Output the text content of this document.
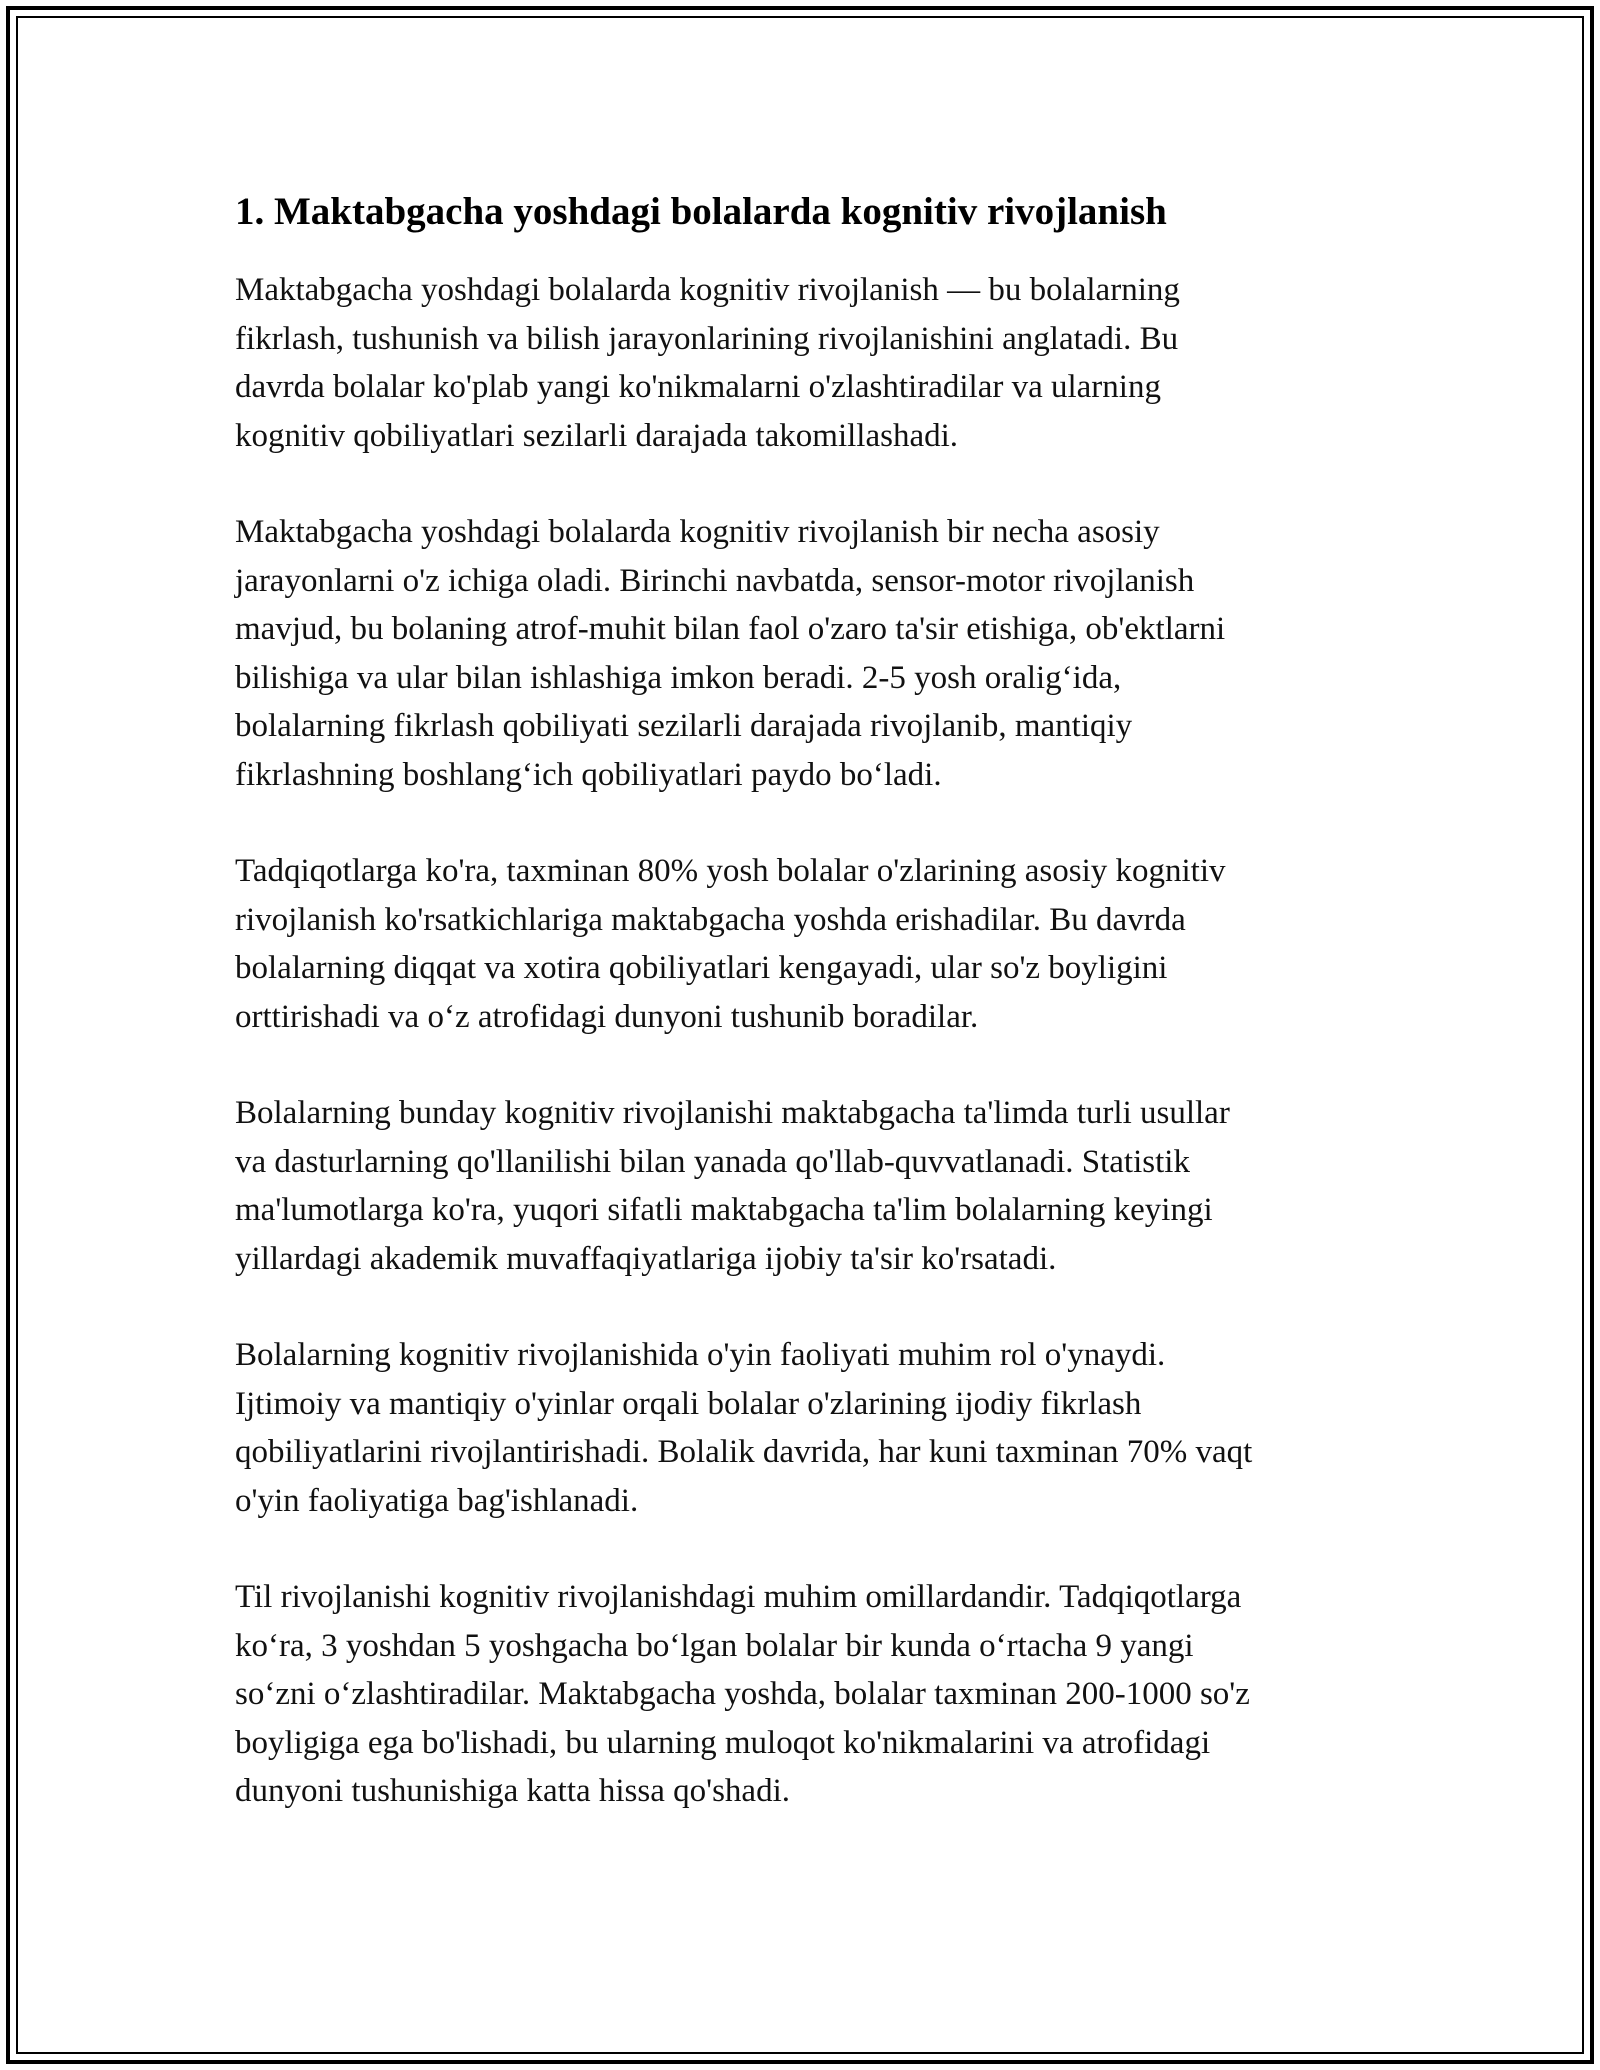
1. Maktabgacha yoshdagi bolalarda kognitiv rivojlanish

Maktabgacha yoshdagi bolalarda kognitiv rivojlanish — bu bolalarning
fikrlash, tushunish va bilish jarayonlarining rivojlanishini anglatadi. Bu
davrda bolalar ko'plab yangi ko'nikmalarni o'zlashtiradilar va ularning
kognitiv qobiliyatlari sezilarli darajada takomillashadi.

Maktabgacha yoshdagi bolalarda kognitiv rivojlanish bir necha asosiy
jarayonlarni o'z ichiga oladi. Birinchi navbatda, sensor-motor rivojlanish
mavjud, bu bolaning atrof-muhit bilan faol o'zaro ta'sir etishiga, ob'ektlarni
bilishiga va ular bilan ishlashiga imkon beradi. 2-5 yosh oralig‘ida,
bolalarning fikrlash qobiliyati sezilarli darajada rivojlanib, mantiqiy
fikrlashning boshlang‘ich qobiliyatlari paydo bo‘ladi.

Tadqiqotlarga ko'ra, taxminan 80% yosh bolalar o'zlarining asosiy kognitiv
rivojlanish ko'rsatkichlariga maktabgacha yoshda erishadilar. Bu davrda
bolalarning diqqat va xotira qobiliyatlari kengayadi, ular so'z boyligini
orttirishadi va o‘z atrofidagi dunyoni tushunib boradilar.

Bolalarning bunday kognitiv rivojlanishi maktabgacha ta'limda turli usullar
va dasturlarning qo'llanilishi bilan yanada qo'llab-quvvatlanadi. Statistik
ma'lumotlarga ko'ra, yuqori sifatli maktabgacha ta'lim bolalarning keyingi
yillardagi akademik muvaffaqiyatlariga ijobiy ta'sir ko'rsatadi.

Bolalarning kognitiv rivojlanishida o'yin faoliyati muhim rol o'ynaydi.
Ijtimoiy va mantiqiy o'yinlar orqali bolalar o'zlarining ijodiy fikrlash
qobiliyatlarini rivojlantirishadi. Bolalik davrida, har kuni taxminan 70% vaqt
o'yin faoliyatiga bag'ishlanadi.

Til rivojlanishi kognitiv rivojlanishdagi muhim omillardandir. Tadqiqotlarga
ko‘ra, 3 yoshdan 5 yoshgacha bo‘lgan bolalar bir kunda o‘rtacha 9 yangi
so‘zni o‘zlashtiradilar. Maktabgacha yoshda, bolalar taxminan 200-1000 so'z
boyligiga ega bo'lishadi, bu ularning muloqot ko'nikmalarini va atrofidagi
dunyoni tushunishiga katta hissa qo'shadi.
